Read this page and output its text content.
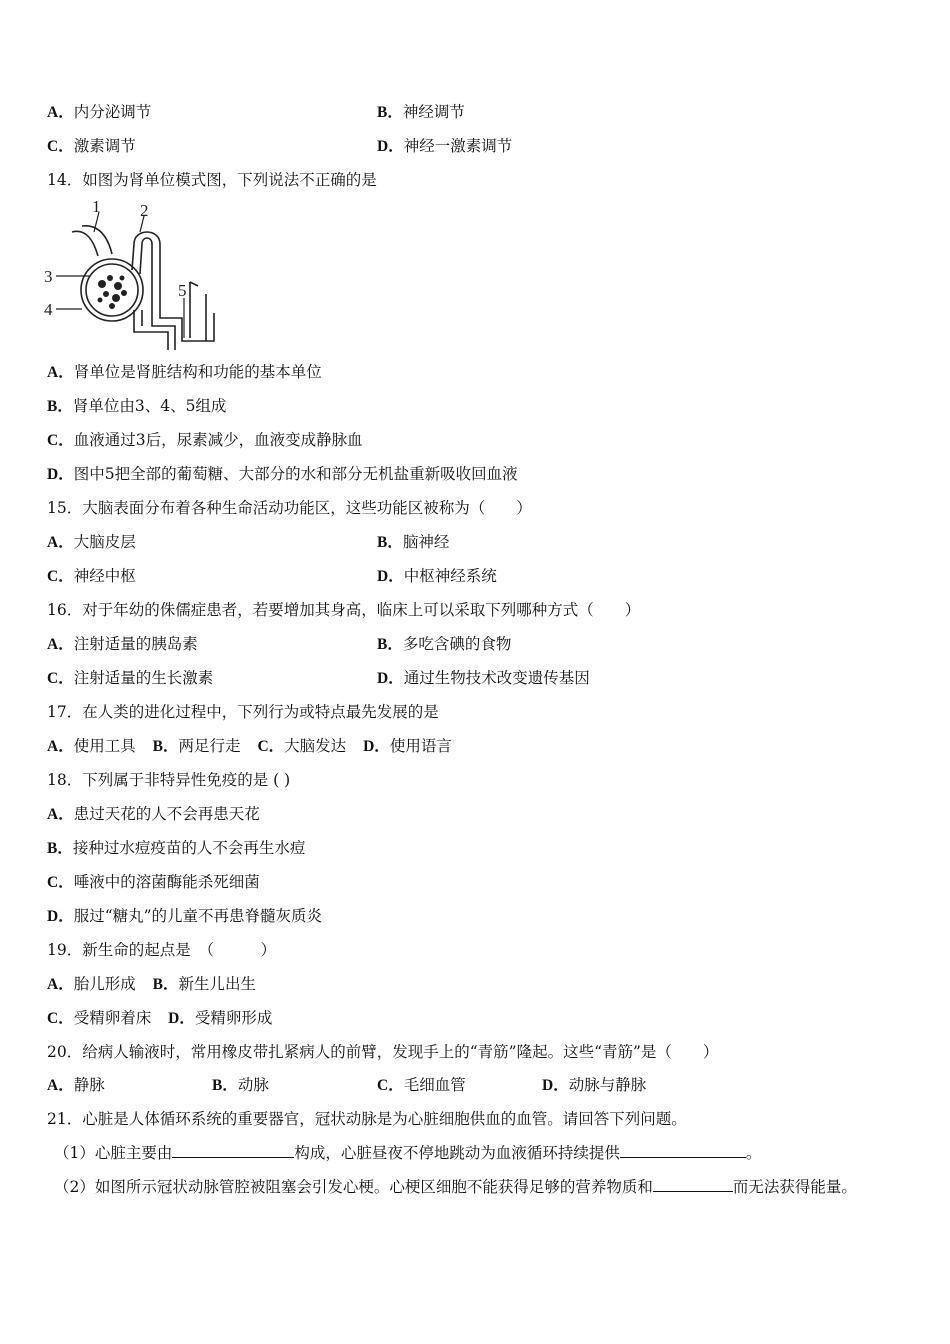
A．内分泌调节	B．神经调节
C．激素调节	D．神经一激素调节
14．如图为肾单位模式图，下列说法不正确的是
1 2
3
4
5
A．肾单位是肾脏结构和功能的基本单位
B．肾单位由3、4、5组成
C．血液通过3后，尿素减少，血液变成静脉血
D．图中5把全部的葡萄糖、大部分的水和部分无机盐重新吸收回血液
15．大脑表面分布着各种生命活动功能区，这些功能区被称为（　　）
A．大脑皮层	B．脑神经
C．神经中枢	D．中枢神经系统
16．对于年幼的侏儒症患者，若要增加其身高，临床上可以采取下列哪种方式（　　）
A．注射适量的胰岛素	B．多吃含碘的食物
C．注射适量的生长激素	D．通过生物技术改变遗传基因
17．在人类的进化过程中，下列行为或特点最先发展的是
A．使用工具 B．两足行走 C．大脑发达 D．使用语言
18．下列属于非特异性免疫的是 ( )
A．患过天花的人不会再患天花
B．接种过水痘疫苗的人不会再生水痘
C．唾液中的溶菌酶能杀死细菌
D．服过“糖丸”的儿童不再患脊髓灰质炎
19．新生命的起点是　（　　　）
A．胎儿形成 B．新生儿出生
C．受精卵着床 D．受精卵形成
20．给病人输液时，常用橡皮带扎紧病人的前臂，发现手上的“青筋”隆起。这些“青筋”是（　　）
A．静脉	B．动脉	C．毛细血管	D．动脉与静脉
21．心脏是人体循环系统的重要器官，冠状动脉是为心脏细胞供血的血管。请回答下列问题。
（1）心脏主要由	构成，心脏昼夜不停地跳动为血液循环持续提供	。
（2）如图所示冠状动脉管腔被阻塞会引发心梗。心梗区细胞不能获得足够的营养物质和	而无法获得能量。
